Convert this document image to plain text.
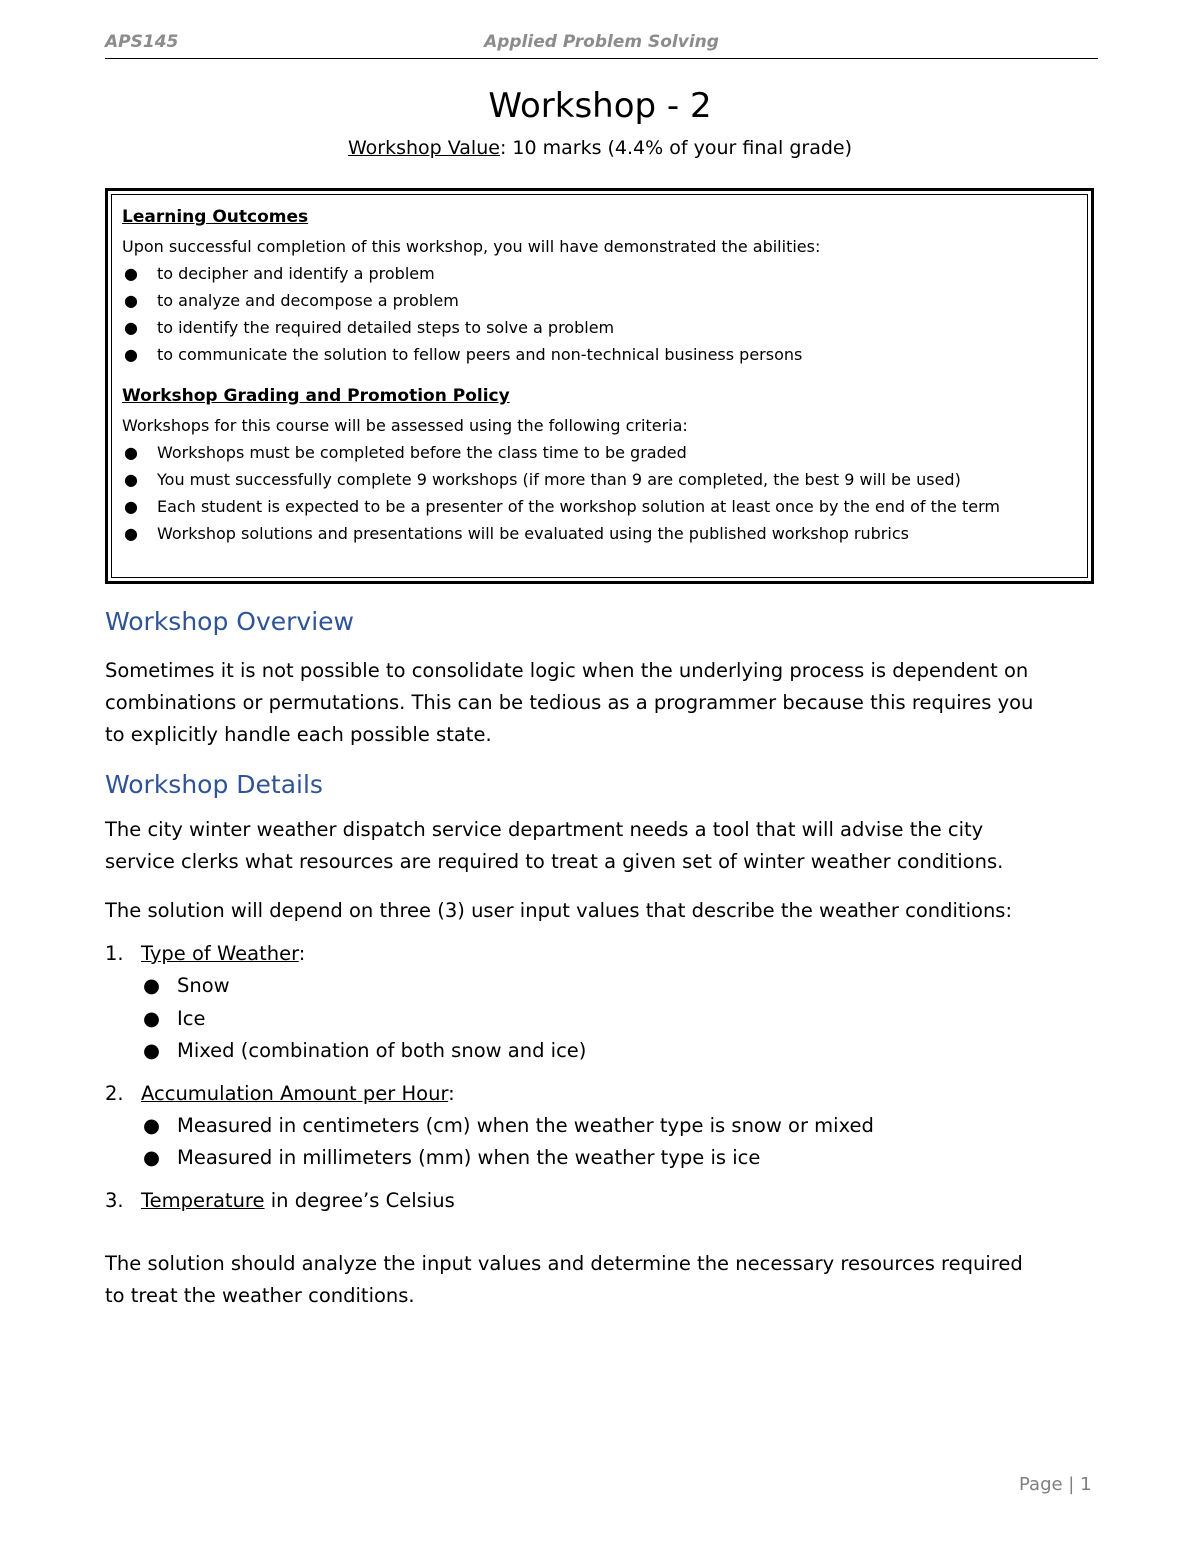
APS145	Applied Problem Solving
Workshop - 2
Workshop Value: 10 marks (4.4% of your final grade)
Learning Outcomes

Upon successful completion of this workshop, you will have demonstrated the abilities:

● to decipher and identify a problem
● to analyze and decompose a problem
● to identify the required detailed steps to solve a problem
● to communicate the solution to fellow peers and non-technical business persons
Workshop Grading and Promotion Policy

Workshops for this course will be assessed using the following criteria:

● Workshops must be completed before the class time to be graded
● You must successfully complete 9 workshops (if more than 9 are completed, the best 9 will be used)
● Each student is expected to be a presenter of the workshop solution at least once by the end of the term
● Workshop solutions and presentations will be evaluated using the published workshop rubrics
Workshop Overview
Sometimes it is not possible to consolidate logic when the underlying process is dependent on
combinations or permutations. This can be tedious as a programmer because this requires you
to explicitly handle each possible state.
Workshop Details
The city winter weather dispatch service department needs a tool that will advise the city
service clerks what resources are required to treat a given set of winter weather conditions.
The solution will depend on three (3) user input values that describe the weather conditions:
1. Type of Weather:
● Snow
● Ice
● Mixed (combination of both snow and ice)
2. Accumulation Amount per Hour:
● Measured in centimeters (cm) when the weather type is snow or mixed
● Measured in millimeters (mm) when the weather type is ice
3. Temperature in degree’s Celsius
The solution should analyze the input values and determine the necessary resources required
to treat the weather conditions.
Page | 1
